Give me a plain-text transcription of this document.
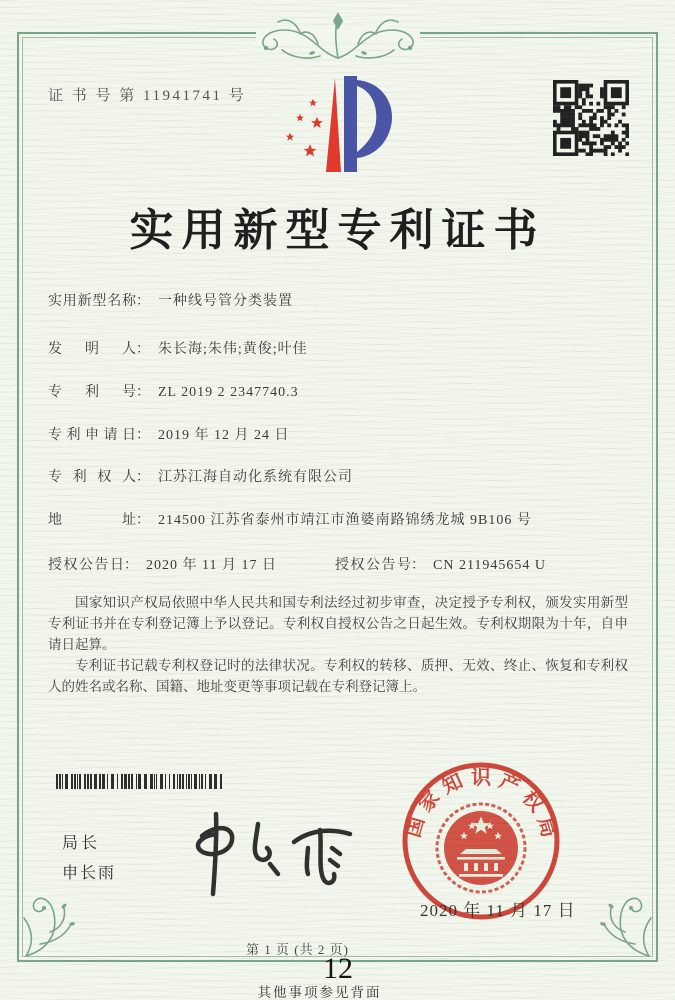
证 书 号 第 11941741 号
实用新型专利证书
实用新型名称： 一种线号管分类装置
发明人： 朱长海;朱伟;黄俊;叶佳
专利号： ZL 2019 2 2347740.3
专利申请日： 2019 年 12 月 24 日
专利权人： 江苏江海自动化系统有限公司
地址： 214500 江苏省泰州市靖江市渔婆南路锦绣龙城 9B106 号
授权公告日： 2020 年 11 月 17 日	授权公告号： CN 211945654 U

国家知识产权局依照中华人民共和国专利法经过初步审查，决定授予专利权，颁发实用新型专利证书并在专利登记簿上予以登记。专利权自授权公告之日起生效。专利权期限为十年，自申请日起算。

专利证书记载专利权登记时的法律状况。专利权的转移、质押、无效、终止、恢复和专利权人的姓名或名称、国籍、地址变更等事项记载在专利登记簿上。

局长
申长雨
国
家
知 识 产
权
局
2020 年 11 月 17 日
第 1 页 (共 2 页)
12
其他事项参见背面
